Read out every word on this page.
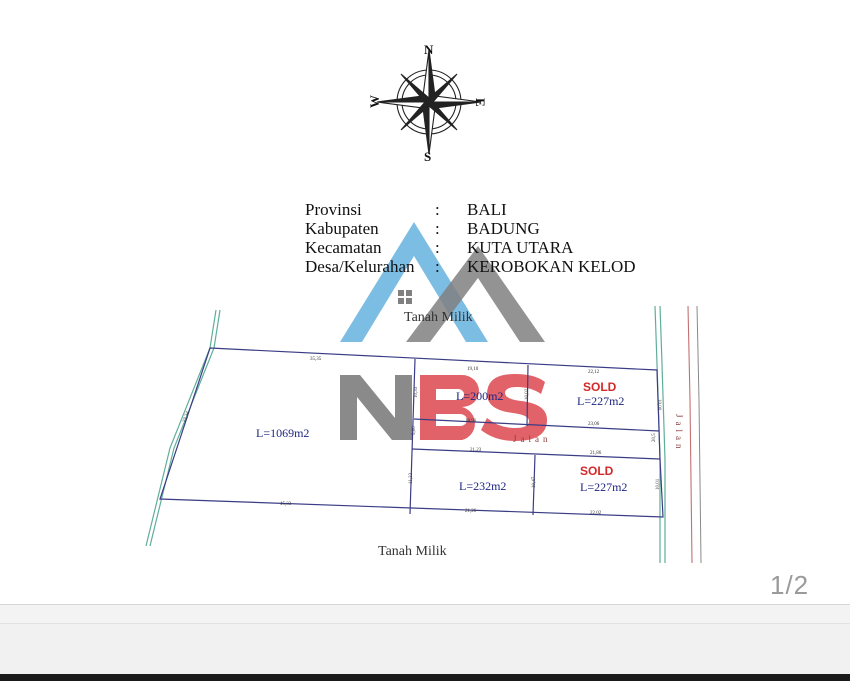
N
S
E
W
Provinsi	:	BALI
Kabupaten	:	BADUNG
Kecamatan	:	KUTA UTARA
Desa/Kelurahan	:	KEROBOKAN KELOD
35,35
19,10
22,12
18,96
23,06
21,23
21,86
45,33
21,26	22,02
23,34
10,33	10,02
5,00
11,22	10,47
10,00
20,5
10,01
L=1069m2
L=200m2	L=227m2
L=232m2	L=227m2
SOLD
SOLD
Jalan	Jalan
Tanah Milik
Tanah Milik
1/2
